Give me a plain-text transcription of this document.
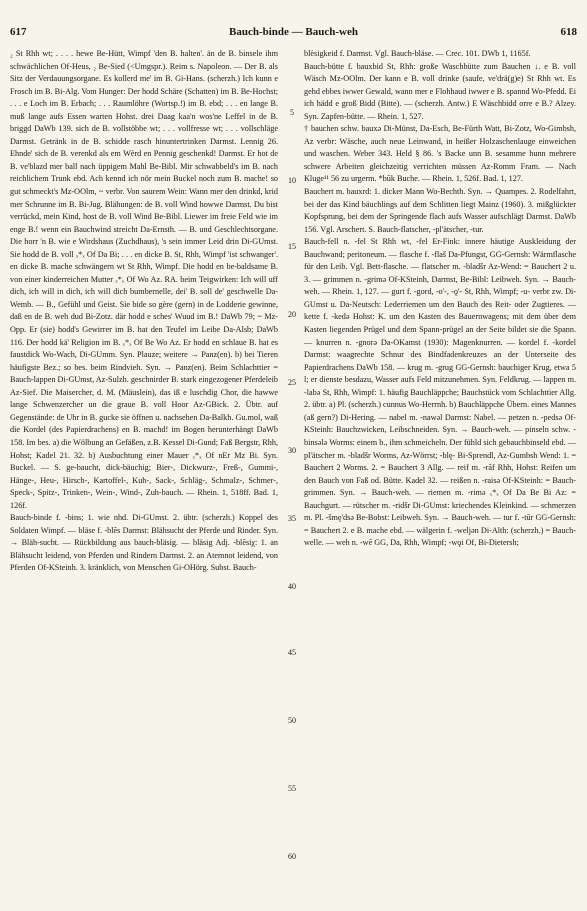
617	Bauch-binde — Bauch-weh	618

₂ St Rhh wt; . . . . hewe Be-Hütt, Wimpf 'den B. halten'. än de B. binsele ihm schwächlichen Of-Heus, ₂ Be-Sied (<Umgspr.). Reim s. Napoleon. — Der B. als Sitz der Verdauungsorgane. Es kollerd me' im B. Gi-Hans. (scherzh.) Ich kunn e Frosch im B. Bi-Alg. Vom Hunger: Der hodd Schäre (Schatten) im B. Be-Hochst; . . . e Loch im B. Erbach; . . . Raumlöhre (Wortsp.!) im B. ebd; . . . en lange B. muß lange aufs Essen warten Hohst. drei Daag kaa'n wos'ne Leffel in de B. briggd DaWb 139. sich de B. vollstöbbe wt; . . . vollfresse wt; . . . vollschläge Darmst. Getränk in de B. schidde rasch hinuntertrinken Darmst. Lennig 26. Ehnde' sich de B. verenkd als em Wèrd en Pennig geschenkd! Darmst. Er hot de B. ve'blazd mer ball nach üppigem Mahl Be-Bibl. Mir schwabbeld's im B. nach reichlichem Trunk ebd. Ach kennd ich nör mein Buckel noch zum B. mache! so gut schmeckt's Mz-OOlm, ~ verbr. Von saurem Wein: Wann mer den drinkd, krid mer Schrunne im B. Bi-Jug. Blähungen: de B. voll Wind howwe Darmst. Du bist verrückd, mein Kind, host de B. voll Wind Be-Bibl. Liewer im freie Feld wie im enge B.! wenn ein Bauchwind streicht Da-Ernsth. — B. und Geschlechtsorgane. Die horr 'n B. wie e Wirdshaus (Zuchdhaus), 's sein immer Leid drin Di-GUmst. Sie hodd de B. voll ₓ*ₓ Of Da Bi; . . . en dicke B. St, Rhh, Wimpf 'ist schwanger'. en dicke B. mache schwängern wt St Rhh, Wimpf. Die hodd en be-baldsame B. von einer kinderreichen Mutter ₓ*ₓ Of Wo Az. RA. beim Teigwirken: Ich will uff dich, ich will in dich, ich will dich bumbernelle, dei' B. soll de' geschwelle Da-Wemb. — B., Gefühl und Geist. Sie bide so gère (gern) in de Lodderie gewinne, daß en de B. weh dud Bi-Zotz. där hodd e sches' Wuud im B.! DaWb 79; ~ Mz-Opp. Er (sie) hodd's Gewirrer im B. hat den Teufel im Leibe Da-Alsb; DaWb 116. Der hodd kä' Religion im B. ₓ*ₓ Of Be Wo Az. Er hodd en schlauе B. hat es faustdick Wo-Wach, Di-GUmm. Syn. Plauze; weitere → Panz(en). b) bei Tieren häufigste Bez.; so bes. beim Rindvieh. Syn. → Panz(en). Beim Schlachttier = Bauch-lappen Di-GUmst, Az-Sulzh. geschnirder B. stark eingezogener Pferdeleib Az-Sief. Die Maisercher, d. M. (Mäuslein), das iß e luschdig Chor, die hawwe lange Schwenzercher un die graue B. voll Hoor Az-GBick. 2. Übtr. auf Gegenstände: de Uhr in B. gucke sie öffnen u. nachsehen Da-Balkh. Gu.mol, waß die Kordel (des Papierdrachens) en B. machd! im Bogen herunterhängt DaWb 158. Im bes. a) die Wölbung an Gefäßen, z.B. Kessel Di-Gund; Faß Bergstr, Rhh, Hohst; Kadel 21. 32. b) Ausbuchtung einer Mauer ₓ*ₓ Of nEr Mz Bi. Syn. Buckel. — S. ge-baucht, dick-bäuchig; Bier-, Dickwurz-, Freß-, Gummi-, Hänge-, Heu-, Hirsch-, Kartoffel-, Kuh-, Sack-, Schläg-, Schmalz-, Schmer-, Speck-, Spitz-, Trinken-, Wein-, Wind-, Zuh-bauch. — Rhein. 1, 518ff. Bad. 1, 126f.

Bauch-binde f. -bins; 1. wie nhd. Di-GUmst. 2. übtr. (scherzh.) Koppel des Soldaten Wimpf. — bläse f. -blēs Darmst: Blähsucht der Pferde und Rinder. Syn. → Bläh-sucht. — Rückbildung aus bauch-bläsig. — bläsig Adj. -blēsiχ: 1. an Blähsucht leidend, von Pferden und Rindern Darmst. 2. an Atemnot leidend, von Pferden Of-KSteinh. 3. kränklich, von Menschen Gi-OHörg. Subst. Bauch-

5
10
15
20
25
30
35
40
45
50
55
60

blèsigkeid f. Darmst. Vgl. Bauch-bläse. — Crec. 101. DWb 1, 1165f.

Bauch-bütte f. bauxbid St, Rhh: große Waschbütte zum Bauchen ↓. e B. voll Wäsch Mz-OOlm. Der kann e B. voll drinke (saufe, ve'drä(g)e) St Rhh wt. Es gehd ebbes iwwer Gewald, wann mer e Flohhaud iwwer e B. spannd Wo-Pfedd. Ei ich hädd e groß Bidd (Bitte). — (scherzh. Antw.) E Wäschbidd orre e B.? Alzey. Syn. Zapfen-bütte. — Rhein. 1, 527.

† bauchen schw. bauxə Di-Münst, Da-Esch, Be-Fürth Watt, Bi-Zotz, Wo-Gimbsh, Az verbr: Wäsche, auch neue Leinwand, in heißer Holzaschenlauge einweichen und waschen. Weber 343. Held § 86. 's Backe unn B. sesamme hunn mehrere schwere Arbeiten gleichzeitig verrichten müssen Az-Romm Fram. — Nach Kluge¹¹ 56 zu urgerm. *būk Buche. — Rhein. 1, 526f. Bad. 1, 127.

Bauchert m. bauxrd: 1. dicker Mann Wo-Bechth. Syn. → Quampes. 2. Rodelfahrt, bei der das Kind bäuchlings auf dem Schlitten liegt Mainz (1960). 3. mißglückter Kopfsprung, bei dem der Springende flach aufs Wasser aufschlägt Darmst. DaWb 156. Vgl. Arschert. S. Bauch-flatscher, -pl'ätscher, -tur.

Bauch-fell n. -fel St Rhh wt, -fel Er-Fink: innere häutige Auskleidung der Bauchwand; peritoneum. — flasche f. -flaš Da-Pfungst, GG-Gernsh: Wärmflasche für den Leib. Vgl. Bett-flasche. — flatscher m. -bladšr Az-Wend: = Bauchert 2 u. 3. — grimmen n. -grimə Of-KSteinh, Darmst, Be-Bibl: Leibweh. Syn. → Bauch-weh. — Rhein. 1, 127. — gurt f. -gord, -o'-, -ǫ'- St, Rhh, Wimpf; -u- verbr zw. Di-GUmst u. Da-Neutsch: Lederriemen um den Bauch des Reit- oder Zugtieres. — kette f. -kedə Hohst: K. um den Kasten des Bauernwagens; mit dem über dem Kasten liegenden Prügel und dem Spann-prügel an der Seite bildet sie die Spann. — knurren n. -gnorə Da-OKamst (1930): Magenknurren. — kordel f. -kordel Darmst: waagrechte Schnur des Bindfadenkreuzes an der Unterseite des Papierdrachens DaWb 158. — krug m. -grug GG-Gernsh: bauchiger Krug, etwa 5 l; er dienste besdazu, Wasser aufs Feld mitzunehmen. Syn. Feldkrug. — lappen m. -labə St, Rhh, Wimpf: 1. häufig Bauchläppche; Bauchstück vom Schlachttier Allg. 2. übtr. a) Pl. (scherzh.) cunnus Wo-Herrnh. b) Bauchläppche Übern. eines Mannes (aß gern?) Di-Hering. — nabel m. -nawəl Darmst: Nabel. — petzen n. -pedsə Of-KSteinh: Bauchzwicken, Leibschneiden. Syn. → Bauch-weh. — pinseln schw. -binsələ Worms: einem b., ihm schmeicheln. Der fühld sich gebauchbinseld ebd. — pl'ätscher m. -bladšr Worms, Az-Wörrst; -blę- Bi-Sprendl, Az-Gumbsh Wend: 1. = Bauchert 2 Worms. 2. = Bauchert 3 Allg. — reif m. -rāf Rhh, Hohst: Reifen um den Bauch von Faß od. Bütte. Kadel 32. — reißen n. -raisə Of-KSteinh: = Bauch-grimmen. Syn. → Bauch-weh. — riemen m. -rimə ₓ*ₓ Of Da Be Bi Az: = Bauchgurt. — rütscher m. -ridšr Di-GUmst: kriechendes Kleinkind. — schmerzen m. Pl. -šmę'dsə Be-Bobst: Leibweh. Syn. → Bauch-weh. — tur f. -tūr GG-Gernsh: = Bauchert 2. e B. mache ebd. — wälgerin f. -weljən Di-Alth: (scherzh.) = Bauch-welle. — weh n. -wē GG, Da, Rhh, Wimpf; -wǫi Of, Bi-Dietersh;
